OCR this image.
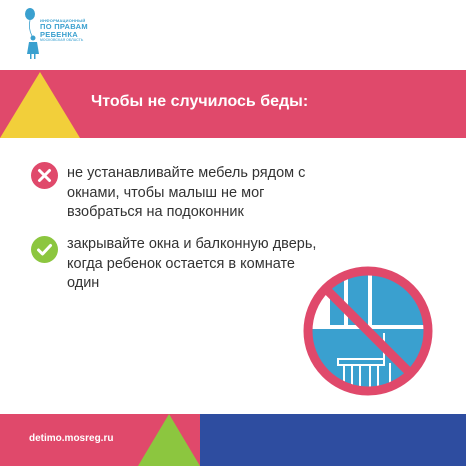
ИНФОРМАЦИОННЫЙ
ПО ПРАВАМ
РЕБЕНКА
МОСКОВСКАЯ ОБЛАСТЬ
Чтобы не случилось беды:
не устанавливайте мебель рядом с окнами, чтобы малыш не мог взобраться на подоконник
закрывайте окна и балконную дверь, когда ребенок остается в комнате один
detimo.mosreg.ru
